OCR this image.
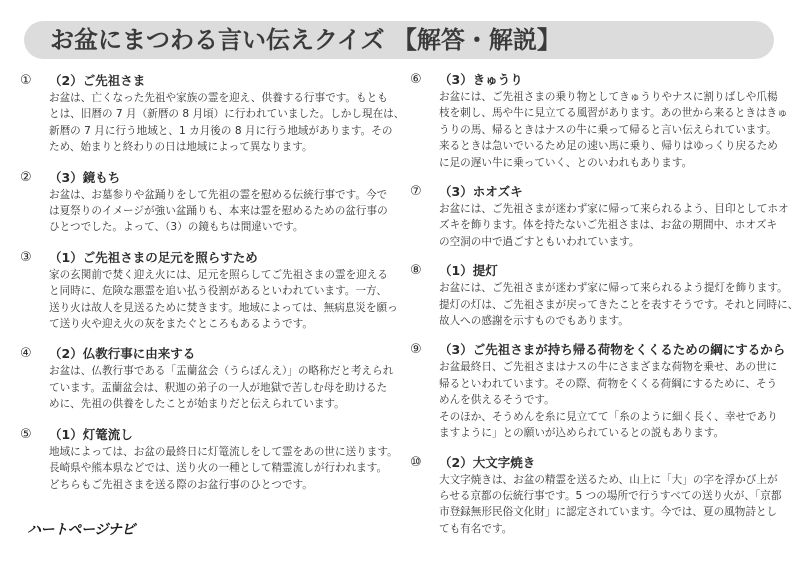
お盆にまつわる言い伝えクイズ 【解答・解説】
① （2）ご先祖さま

お盆は、亡くなった先祖や家族の霊を迎え、供養する行事です。もとも

とは、旧暦の 7 月（新暦の 8 月頃）に行われていました。しかし現在は、

新暦の 7 月に行う地域と、1 カ月後の 8 月に行う地域があります。その

ため、始まりと終わりの日は地域によって異なります。

② （3）鏡もち

お盆は、お墓参りや盆踊りをして先祖の霊を慰める伝統行事です。今で

は夏祭りのイメージが強い盆踊りも、本来は霊を慰めるための盆行事の

ひとつでした。よって、（3）の鏡もちは間違いです。

③ （1）ご先祖さまの足元を照らすため

家の玄関前で焚く迎え火には、足元を照らしてご先祖さまの霊を迎える

と同時に、危険な悪霊を追い払う役割があるといわれています。一方、

送り火は故人を見送るために焚きます。地域によっては、無病息災を願っ

て送り火や迎え火の灰をまたぐところもあるようです。

④ （2）仏教行事に由来する

お盆は、仏教行事である「盂蘭盆会（うらぼんえ）」の略称だと考えられ

ています。盂蘭盆会は、釈迦の弟子の一人が地獄で苦しむ母を助けるた

めに、先祖の供養をしたことが始まりだと伝えられています。

⑤ （1）灯篭流し

地域によっては、お盆の最終日に灯篭流しをして霊をあの世に送ります。

長崎県や熊本県などでは、送り火の一種として精霊流しが行われます。

どちらもご先祖さまを送る際のお盆行事のひとつです。

⑥ （3）きゅうり

お盆には、ご先祖さまの乗り物としてきゅうりやナスに割りばしや爪楊

枝を刺し、馬や牛に見立てる風習があります。あの世から来るときはきゅ

うりの馬、帰るときはナスの牛に乗って帰ると言い伝えられています。

来るときは急いでいるため足の速い馬に乗り、帰りはゆっくり戻るため

に足の遅い牛に乗っていく、とのいわれもあります。

⑦ （3）ホオズキ

お盆には、ご先祖さまが迷わず家に帰って来られるよう、目印としてホオ

ズキを飾ります。体を持たないご先祖さまは、お盆の期間中、ホオズキ

の空洞の中で過ごすともいわれています。

⑧ （1）提灯

お盆には、ご先祖さまが迷わず家に帰って来られるよう提灯を飾ります。

提灯の灯は、ご先祖さまが戻ってきたことを表すそうです。それと同時に、

故人への感謝を示すものでもあります。

⑨ （3）ご先祖さまが持ち帰る荷物をくくるための綱にするから

お盆最終日、ご先祖さまはナスの牛にさまざまな荷物を乗せ、あの世に

帰るといわれています。その際、荷物をくくる荷綱にするために、そう

めんを供えるそうです。

そのほか、そうめんを糸に見立てて「糸のように細く長く、幸せであり

ますように」との願いが込められているとの説もあります。

⑩ （2）大文字焼き

大文字焼きは、お盆の精霊を送るため、山上に「大」の字を浮かび上が

らせる京都の伝統行事です。5 つの場所で行うすべての送り火が、「京都

市登録無形民俗文化財」に認定されています。今では、夏の風物詩とし

ても有名です。

ハートページナビ
